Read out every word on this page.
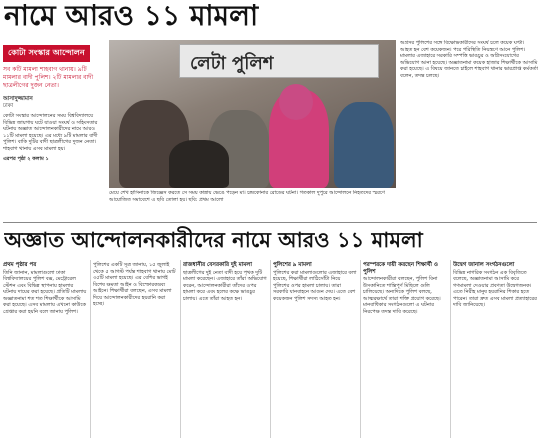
নামে আরও ১১ মামলা
কোটা সংস্কার আন্দোলন
সব কটি মামলা শাহবাগ থানায়। ৯টি মামলার বাদী পুলিশ। ২টি মামলার বাদী ছাত্রলীগের দুজন নেতা।
আসাদুজ্জামান
ঢাকা
কোটা সংস্কার আন্দোলনের সময় বিশ্ববিদ্যালয়ে বিভিন্ন জায়গায় ঘটে যাওয়া সংঘর্ষ ও সহিংসতার ঘটনায় অজ্ঞাত আন্দোলনকারীদের নামে আরও ১১টি মামলা হয়েছে। এর মধ্যে ৯টি মামলার বাদী পুলিশ। বাকি দুটির বাদী ছাত্রলীগের দুজন নেতা। শাহবাগ থানায় এসব মামলা হয়।
এরপর পৃষ্ঠা ২ কলাম ১
লেটা পুলিশ
মেয়ে শেখ হাসিনাকে জিজ্ঞেস করতে সে সময় কান্নায় ভেঙে পড়েন মা। চন্দ্রকোনার রোডের ঘটনা। গতকাল দুপুরে আন্দোলনে নিহতদের স্মরণে আয়োজিত সমাবেশে এ ছবি তোলা হয়। ছবি: প্রথম আলো
অগ্রসর পুলিশের সঙ্গে বিক্ষোভকারীদের সংঘর্ষ চলে কয়েক ঘণ্টা। আহত হন বেশ কয়েকজন। পরে পরিস্থিতি নিয়ন্ত্রণে আনে পুলিশ। মামলার এজাহারে সরকারি সম্পত্তি ভাঙচুর ও অগ্নিসংযোগের অভিযোগ আনা হয়েছে। অজ্ঞাতনামা কয়েক হাজার শিক্ষার্থীকে আসামি করা হয়েছে। এ বিষয়ে জানতে চাইলে শাহবাগ থানার ভারপ্রাপ্ত কর্মকর্তা বলেন, তদন্ত চলছে।
অজ্ঞাত আন্দোলনকারীদের নামে আরও ১১ মামলা
প্রথম পৃষ্ঠার পর
তিনি জানান, মামলাগুলো ঢাকা বিশ্ববিদ্যালয়ের পুলিশ বক্স, মেট্রোরেল স্টেশন এবং বিভিন্ন স্থাপনায় হামলার ঘটনায় দায়ের করা হয়েছে। প্রতিটি মামলায় অজ্ঞাতনামা শত শত শিক্ষার্থীকে আসামি করা হয়েছে। এসব মামলায় এখনো কাউকে গ্রেপ্তার করা হয়নি বলে জানায় পুলিশ।
পুলিশের একটি সূত্র জানায়, ১৫ জুলাই থেকে ৫ আগস্ট পর্যন্ত শাহবাগ থানায় মোট ৩৫টি মামলা হয়েছে। এর বেশির ভাগই বিশেষ ক্ষমতা আইন ও বিস্ফোরকদ্রব্য আইনে। শিক্ষার্থীরা বলছেন, এসব মামলা দিয়ে আন্দোলনকারীদের হয়রানি করা হচ্ছে।
রাজধানীর বেসরকারি দুই মামলা
ছাত্রলীগের দুই নেতা বাদী হয়ে পৃথক দুটি মামলা করেছেন। এজাহারে তাঁরা অভিযোগ করেন, আন্দোলনকারীরা তাঁদের ওপর হামলা করে এবং হলের কক্ষে ভাঙচুর চালায়। এতে তাঁরা আহত হন।
পুলিশের ৯ মামলা
পুলিশের করা মামলাগুলোর এজাহারে বলা হয়েছে, শিক্ষার্থীরা লাঠিসোঁটা নিয়ে পুলিশের ওপর হামলা চালায়। তারা সরকারি যানবাহনে আগুন দেয়। এতে বেশ কয়েকজন পুলিশ সদস্য আহত হন।
পরস্পরকে দায়ী করছেন শিক্ষার্থী ও পুলিশ
আন্দোলনকারীরা বলছেন, পুলিশ বিনা উসকানিতে শান্তিপূর্ণ মিছিলে গুলি চালিয়েছে। অন্যদিকে পুলিশ বলছে, আত্মরক্ষার্থে তারা শক্তি প্রয়োগ করেছে। মানবাধিকার সংগঠনগুলো এ ঘটনার নিরপেক্ষ তদন্ত দাবি করেছে।
উদ্বেগ জানাল সংগঠনগুলো
বিভিন্ন নাগরিক সংগঠন এক বিবৃতিতে বলেছে, অজ্ঞাতনামা আসামি করে গণমামলা দেওয়ার প্রবণতা উদ্বেগজনক। এতে নিরীহ মানুষ হয়রানির শিকার হতে পারেন। তারা দ্রুত এসব মামলা প্রত্যাহারের দাবি জানিয়েছে।
